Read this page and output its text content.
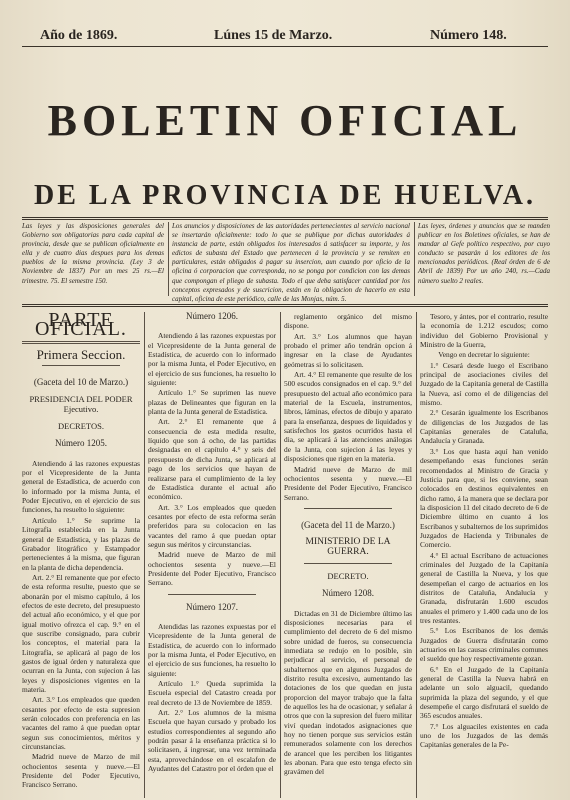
Año de 1869.	Lúnes 15 de Marzo.	Número 148.
BOLETIN OFICIAL
DE LA PROVINCIA DE HUELVA.
Las leyes y las disposiciones generales del Gobierno son obligatorias para cada capital de provincia, desde que se publican oficialmente en ella y de cuatro dias despues para los demas pueblos de la misma provincia. (Ley 3 de Noviembre de 1837) Por un mes 25 rs.—El trimestre. 75. El semestre 150.
Los anuncios y disposiciones de las autoridades pertenecientes al servicio nacional se insertarán oficialmente: todo lo que se publique por dichas autoridades á instancia de parte, están obligados los interesados á satisfacer su importe, y los edictos de subasta del Estado que pertenecen á la provincia y se remiten en particulares, están obligados á pagar su insercion, aun cuando por oficio de la oficina ó corporacion que corresponda, no se ponga por condicion con las demas que compongan el pliego de subasta. Todo el que deba satisfacer cantidad por los conceptos expresados y de suscricion, están en la obligacion de hacerlo en esta capital, oficina de este periódico, calle de las Monjas, núm. 5.
Las leyes, órdenes y anuncios que se manden publicar en los Boletines oficiales, se han de mandar al Gefe político respectivo, por cuyo conducto se pasarán á los editores de los mencionados periódicos. (Real órden de 6 de Abril de 1839) Por un año 240, rs.—Cada número suelto 2 reales.
PARTE OFICIAL.
Primera Seccion.
(Gaceta del 10 de Marzo.)
PRESIDENCIA DEL PODER Ejecutivo.
DECRETOS.
Número 1205.

Atendiendo á las razones expuestas por el Vicepresidente de la Junta general de Estadística, de acuerdo con lo informado por la misma Junta, el Poder Ejecutivo, en el ejercicio de sus funciones, ha resuelto lo siguiente:

Artículo 1.° Se suprime la Litografía establecida en la Junta general de Estadística, y las plazas de Grabador litográfico y Estampador pertenecientes á la misma, que figuran en la planta de dicha dependencia.

Art. 2.° El remanente que por efecto de esta reforma resulte, puesto que se abonarán por el mismo capítulo, á los efectos de este decreto, del presupuesto del actual año económico, y el que por igual motivo ofrezca el cap. 9.° en el que suscribe consignado, para cubrir los conceptos, el material para la Litografía, se aplicará al pago de los gastos de igual órden y naturaleza que ocurran en la Junta, con sujecion á las leyes y disposiciones vigentes en la materia.

Art. 3.° Los empleados que queden cesantes por efecto de esta supresion serán colocados con preferencia en las vacantes del ramo á que puedan optar segun sus conocimientos, méritos y circunstancias.

Madrid nueve de Marzo de mil ochocientos sesenta y nueve.—El Presidente del Poder Ejecutivo, Francisco Serrano.

Número 1206.

Atendiendo á las razones expuestas por el Vicepresidente de la Junta general de Estadística, de acuerdo con lo informado por la misma Junta, el Poder Ejecutivo, en el ejercicio de sus funciones, ha resuelto lo siguiente:

Artículo 1.° Se suprimen las nueve plazas de Delineantes que figuran en la planta de la Junta general de Estadística.

Art. 2.° El remanente que á consecuencia de esta medida resulte, líquido que son á ocho, de las partidas designadas en el capítulo 4.° y seis del presupuesto de dicha Junta, se aplicará al pago de los servicios que hayan de realizarse para el cumplimiento de la ley de Estadística durante el actual año económico.

Art. 3.° Los empleados que queden cesantes por efecto de esta reforma serán preferidos para su colocacion en las vacantes del ramo á que puedan optar segun sus méritos y circunstancias.

Madrid nueve de Marzo de mil ochocientos sesenta y nueve.—El Presidente del Poder Ejecutivo, Francisco Serrano.

Número 1207.

Atendidas las razones expuestas por el Vicepresidente de la Junta general de Estadística, de acuerdo con lo informado por la misma Junta, el Poder Ejecutivo, en el ejercicio de sus funciones, ha resuelto lo siguiente:

Artículo 1.° Queda suprimida la Escuela especial del Catastro creada por real decreto de 13 de Noviembre de 1859.

Art. 2.° Los alumnos de la misma Escuela que hayan cursado y probado los estudios correspondientes al segundo año podrán pasar á la enseñanza práctica si lo solicitasen, á ingresar, una vez terminada esta, aprovechándose en el escalafon de Ayudantes del Catastro por el órden que el

reglamento orgánico del mismo dispone.

Art. 3.° Los alumnos que hayan probado el primer año tendrán opcion á ingresar en la clase de Ayudantes geómetras si lo solicitasen.

Art. 4.° El remanente que resulte de los 500 escudos consignados en el cap. 9.° del presupuesto del actual año económico para material de la Escuela, instrumentos, libros, láminas, efectos de dibujo y aparato para la enseñanza, despues de liquidados y satisfechos los gastos ocurridos hasta el dia, se aplicará á las atenciones análogas de la Junta, con sujecion á las leyes y disposiciones que rigen en la materia.

Madrid nueve de Marzo de mil ochocientos sesenta y nueve.—El Presidente del Poder Ejecutivo, Francisco Serrano.

(Gaceta del 11 de Marzo.)
MINISTERIO DE LA GUERRA.
DECRETO.
Número 1208.

Dictadas en 31 de Diciembre último las disposiciones necesarias para el cumplimiento del decreto de 6 del mismo sobre unidad de fueros, su consecuencia inmediata se redujo en lo posible, sin perjudicar al servicio, el personal de subalternos que en algunos Juzgados de distrito resulta excesivo, aumentando las dotaciones de los que quedan en justa proporcion del mayor trabajo que la falta de aquellos les ha de ocasionar, y señalar á otros que con la supresion del fuero militar viví quedan indotados asignaciones que hoy no tienen porque sus servicios están remunerados solamente con los derechos de arancel que les perciben los litigantes les abonan. Para que esto tenga efecto sin gravámen del

Tesoro, y ántes, por el contrario, resulte la economía de 1.212 escudos; como individuo del Gobierno Provisional y Ministro de la Guerra,

Vengo en decretar lo siguiente:

1.° Cesará desde luego el Escribano principal de asociaciones civiles del Juzgado de la Capitanía general de Castilla la Nueva, así como el de diligencias del mismo.

2.° Cesarán igualmente los Escribanos de diligencias de los Juzgados de las Capitanías generales de Cataluña, Andalucía y Granada.

3.° Los que hasta aquí han venido desempeñando esas funciones serán recomendados al Ministro de Gracia y Justicia para que, si les conviene, sean colocados en destinos equivalentes en dicho ramo, á la manera que se declara por la disposicion 11 del citado decreto de 6 de Diciembre último en cuanto á los Escribanos y subalternos de los suprimidos Juzgados de Hacienda y Tribunales de Comercio.

4.° El actual Escribano de actuaciones criminales del Juzgado de la Capitanía general de Castilla la Nueva, y los que desempeñan el cargo de actuarios en los distritos de Cataluña, Andalucía y Granada, disfrutarán 1.600 escudos anuales el primero y 1.400 cada uno de los tres restantes.

5.° Los Escribanos de los demás Juzgados de Guerra disfrutarán como actuarios en las causas criminales comunes el sueldo que hoy respectivamente gozan.

6.° En el Juzgado de la Capitanía general de Castilla la Nueva habrá en adelante un solo alguacil, quedando suprimida la plaza del segundo, y el que desempeñe el cargo disfrutará el sueldo de 365 escudos anuales.

7.° Los alguaciles existentes en cada uno de los Juzgados de las demás Capitanías generales de la Pe-
